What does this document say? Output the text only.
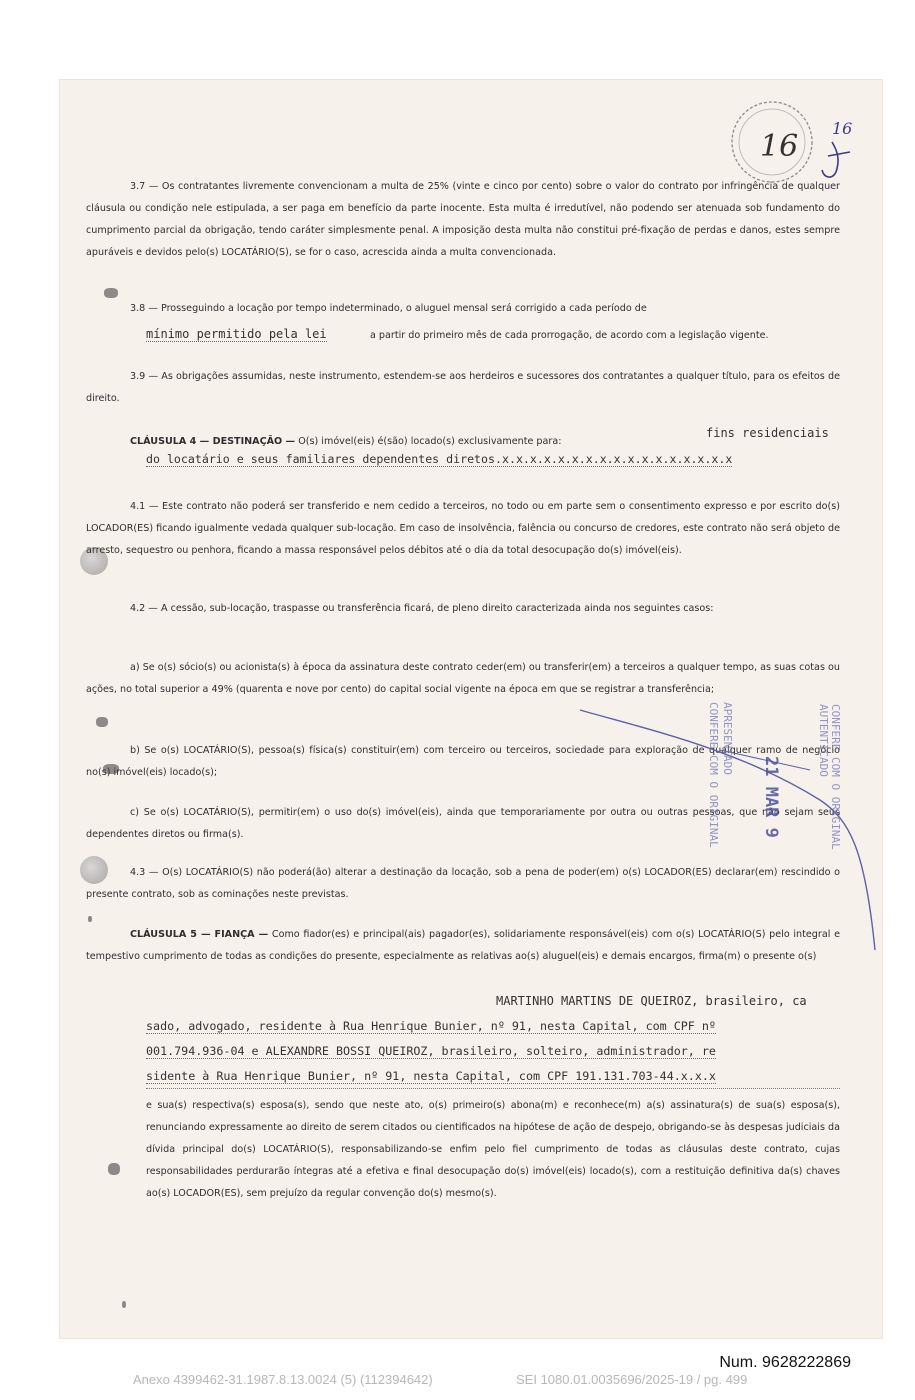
16
16

3.7 — Os contratantes livremente convencionam a multa de 25% (vinte e cinco por cento) sobre o valor do contrato por infringência de qualquer cláusula ou condição nele estipulada, a ser paga em benefício da parte inocente. Esta multa é irredutível, não podendo ser atenuada sob fundamento do cumprimento parcial da obrigação, tendo caráter simplesmente penal. A imposição desta multa não constitui pré-fixação de perdas e danos, estes sempre apuráveis e devidos pelo(s) LOCATÁRIO(S), se for o caso, acrescida ainda a multa convencionada.

3.8 — Prosseguindo a locação por tempo indeterminado, o aluguel mensal será corrigido a cada período de

mínimo permitido pela lei	a partir do primeiro mês de cada prorrogação, de acordo com a legislação vigente.

3.9 — As obrigações assumidas, neste instrumento, estendem-se aos herdeiros e sucessores dos contratantes a qualquer título, para os efeitos de direito.

CLÁUSULA 4 — DESTINAÇÃO — O(s) imóvel(eis) é(são) locado(s) exclusivamente para:
fins residenciais
do locatário e seus familiares dependentes diretos.x.x.x.x.x.x.x.x.x.x.x.x.x.x.x.x.x

4.1 — Este contrato não poderá ser transferido e nem cedido a terceiros, no todo ou em parte sem o consentimento expresso e por escrito do(s) LOCADOR(ES) ficando igualmente vedada qualquer sub-locação. Em caso de insolvência, falência ou concurso de credores, este contrato não será objeto de arresto, sequestro ou penhora, ficando a massa responsável pelos débitos até o dia da total desocupação do(s) imóvel(eis).

4.2 — A cessão, sub-locação, traspasse ou transferência ficará, de pleno direito caracterizada ainda nos seguintes casos:

a) Se o(s) sócio(s) ou acionista(s) à época da assinatura deste contrato ceder(em) ou transferir(em) a terceiros a qualquer tempo, as suas cotas ou ações, no total superior a 49% (quarenta e nove por cento) do capital social vigente na época em que se registrar a transferência;

b) Se o(s) LOCATÁRIO(S), pessoa(s) física(s) constituir(em) com terceiro ou terceiros, sociedade para exploração de qualquer ramo de negócio no(s) imóvel(eis) locado(s);

c) Se o(s) LOCATÁRIO(S), permitir(em) o uso do(s) imóvel(eis), ainda que temporariamente por outra ou outras pessoas, que não sejam seus dependentes diretos ou firma(s).

4.3 — O(s) LOCATÁRIO(S) não poderá(ão) alterar a destinação da locação, sob a pena de poder(em) o(s) LOCADOR(ES) declarar(em) rescindido o presente contrato, sob as cominações neste previstas.

CLÁUSULA 5 — FIANÇA — Como fiador(es) e principal(ais) pagador(es), solidariamente responsável(eis) com o(s) LOCATÁRIO(S) pelo integral e tempestivo cumprimento de todas as condições do presente, especialmente as relativas ao(s) aluguel(eis) e demais encargos, firma(m) o presente o(s)
MARTINHO MARTINS DE QUEIROZ, brasileiro, ca
sado, advogado, residente à Rua Henrique Bunier, nº 91, nesta Capital, com CPF nº
001.794.936-04 e ALEXANDRE BOSSI QUEIROZ, brasileiro, solteiro, administrador, re
sidente à Rua Henrique Bunier, nº 91, nesta Capital, com CPF 191.131.703-44.x.x.x

e sua(s) respectiva(s) esposa(s), sendo que neste ato, o(s) primeiro(s) abona(m) e reconhece(m) a(s) assinatura(s) de sua(s) esposa(s), renunciando expressamente ao direito de serem citados ou cientificados na hipótese de ação de despejo, obrigando-se às despesas judiciais da dívida principal do(s) LOCATÁRIO(S), responsabilizando-se enfim pelo fiel cumprimento de todas as cláusulas deste contrato, cujas responsabilidades perdurarão íntegras até a efetiva e final desocupação do(s) imóvel(eis) locado(s), com a restituição definitiva da(s) chaves ao(s) LOCADOR(ES), sem prejuízo da regular convenção do(s) mesmo(s).

CONFERE COM O ORIGINAL APRESENTADO	AUTENTICADO CONFERE COM O ORIGINAL
21 MAR 9
Num. 9628222869
Anexo 4399462-31.1987.8.13.0024 (5) (112394642)	SEI 1080.01.0035696/2025-19 / pg. 499
